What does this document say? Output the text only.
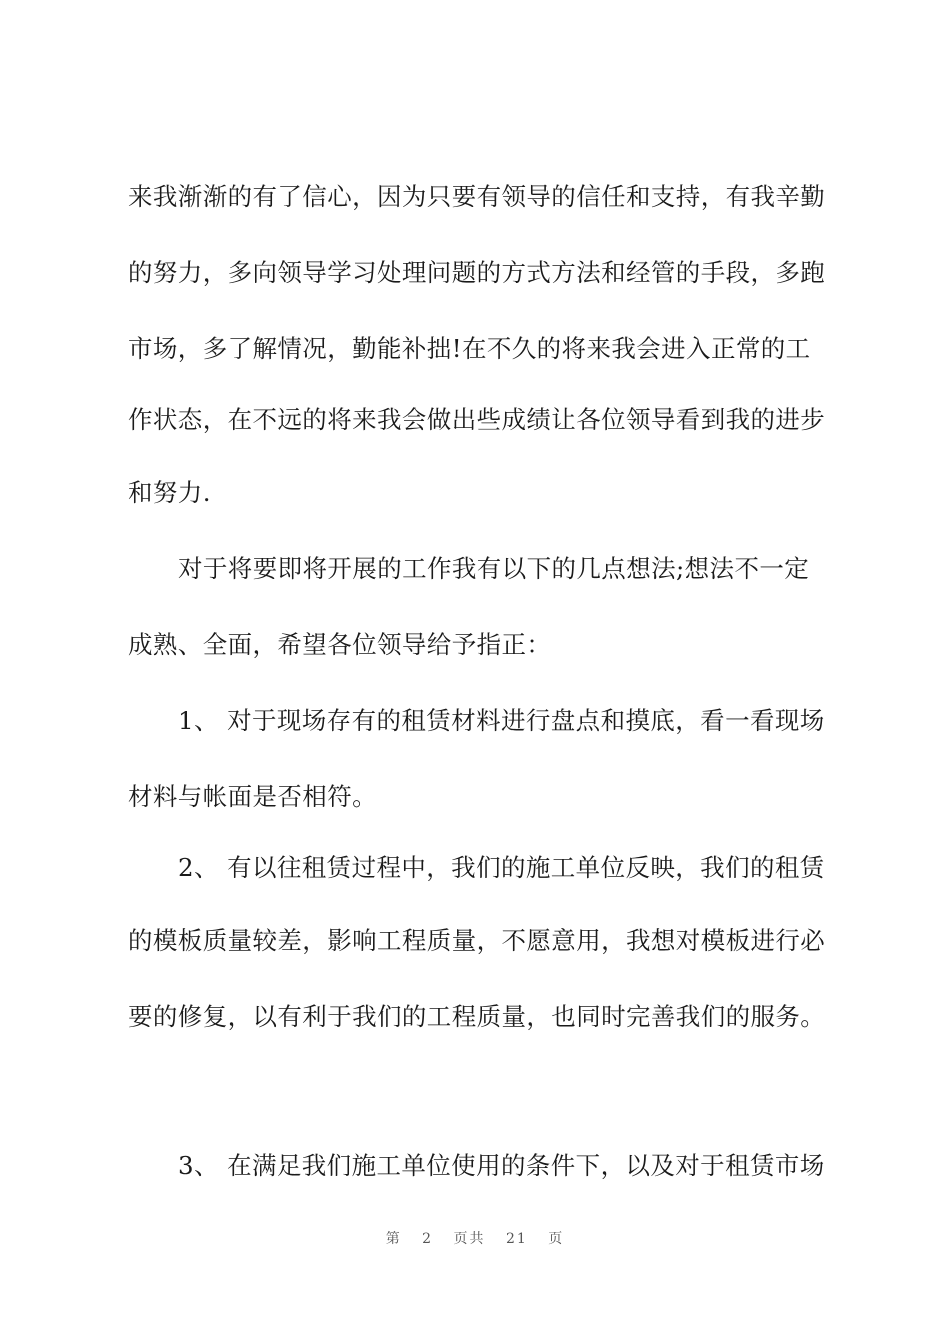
来我渐渐的有了信心，因为只要有领导的信任和支持，有我辛勤
的努力，多向领导学习处理问题的方式方法和经管的手段，多跑
市场，多了解情况，勤能补拙!在不久的将来我会进入正常的工
作状态，在不远的将来我会做出些成绩让各位领导看到我的进步
和努力.
对于将要即将开展的工作我有以下的几点想法;想法不一定
成熟、全面，希望各位领导给予指正：
1、 对于现场存有的租赁材料进行盘点和摸底，看一看现场
材料与帐面是否相符。
2、 有以往租赁过程中，我们的施工单位反映，我们的租赁
的模板质量较差，影响工程质量，不愿意用，我想对模板进行必
要的修复，以有利于我们的工程质量，也同时完善我们的服务。
3、 在满足我们施工单位使用的条件下，以及对于租赁市场
第 2 页共 21 页
